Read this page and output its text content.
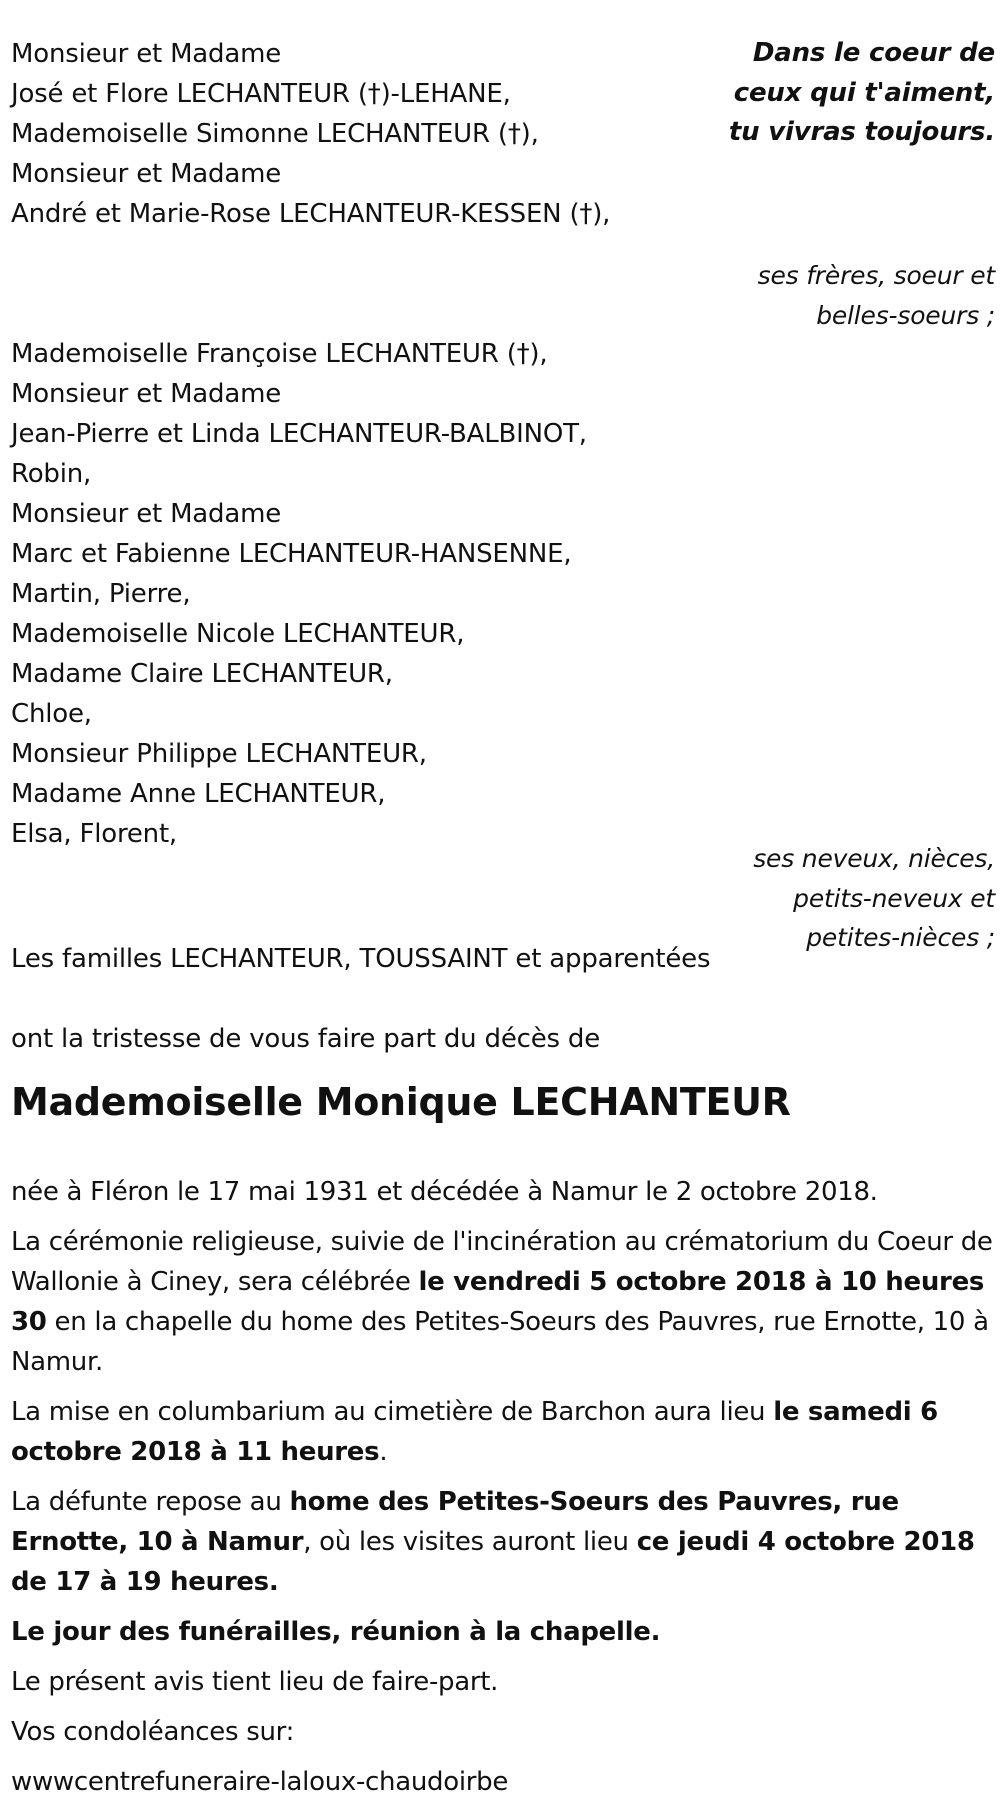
Dans le coeur de
ceux qui t'aiment,
tu vivras toujours.
Monsieur et Madame
José et Flore LECHANTEUR (†)-LEHANE,
Mademoiselle Simonne LECHANTEUR (†),
Monsieur et Madame
André et Marie-Rose LECHANTEUR-KESSEN (†),
ses frères, soeur et
belles-soeurs ;
Mademoiselle Françoise LECHANTEUR (†),
Monsieur et Madame
Jean-Pierre et Linda LECHANTEUR-BALBINOT,
Robin,
Monsieur et Madame
Marc et Fabienne LECHANTEUR-HANSENNE,
Martin, Pierre,
Mademoiselle Nicole LECHANTEUR,
Madame Claire LECHANTEUR,
Chloe,
Monsieur Philippe LECHANTEUR,
Madame Anne LECHANTEUR,
Elsa, Florent,
ses neveux, nièces,
petits-neveux et
petites-nièces ;
Les familles LECHANTEUR, TOUSSAINT et apparentées
ont la tristesse de vous faire part du décès de
Mademoiselle Monique LECHANTEUR

née à Fléron le 17 mai 1931 et décédée à Namur le 2 octobre 2018.

La cérémonie religieuse, suivie de l'incinération au crématorium du Coeur de Wallonie à Ciney, sera célébrée le vendredi 5 octobre 2018 à 10 heures 30 en la chapelle du home des Petites-Soeurs des Pauvres, rue Ernotte, 10 à Namur.

La mise en columbarium au cimetière de Barchon aura lieu le samedi 6 octobre 2018 à 11 heures.

La défunte repose au home des Petites-Soeurs des Pauvres, rue Ernotte, 10 à Namur, où les visites auront lieu ce jeudi 4 octobre 2018 de 17 à 19 heures.

Le jour des funérailles, réunion à la chapelle.

Le présent avis tient lieu de faire-part.

Vos condoléances sur:

wwwcentrefuneraire-laloux-chaudoirbe
